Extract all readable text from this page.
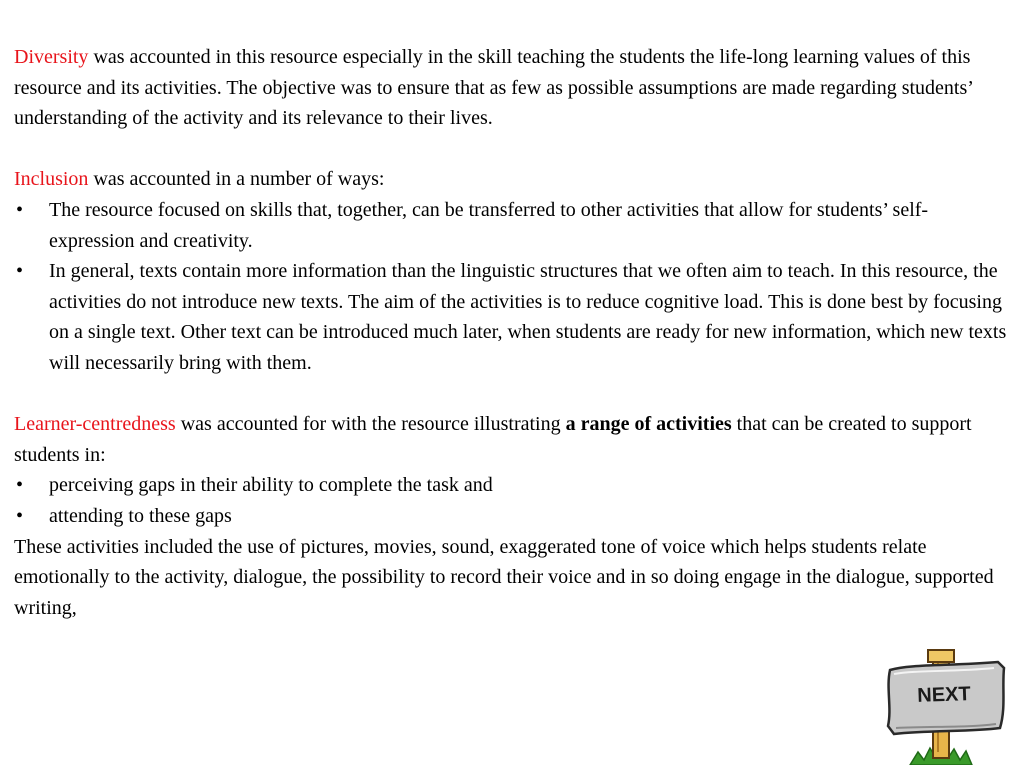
Diversity was accounted in this resource especially in the skill teaching the students the life-long learning values of this resource and its activities. The objective was to ensure that as few as possible assumptions are made regarding students’ understanding of the activity and its relevance to their lives.

Inclusion was accounted in a number of ways:

• The resource focused on skills that, together, can be transferred to other activities that allow for students’ self-expression and creativity.
• In general, texts contain more information than the linguistic structures that we often aim to teach. In this resource, the activities do not introduce new texts. The aim of the activities is to reduce cognitive load. This is done best by focusing on a single text. Other text can be introduced much later, when students are ready for new information, which new texts will necessarily bring with them.

Learner-centredness was accounted for with the resource illustrating a range of activities that can be created to support students in:

• perceiving gaps in their ability to complete the task and
• attending to these gaps

These activities included the use of pictures, movies, sound, exaggerated tone of voice which helps students relate emotionally to the activity, dialogue, the possibility to record their voice and in so doing engage in the dialogue, supported writing,

NEXT
